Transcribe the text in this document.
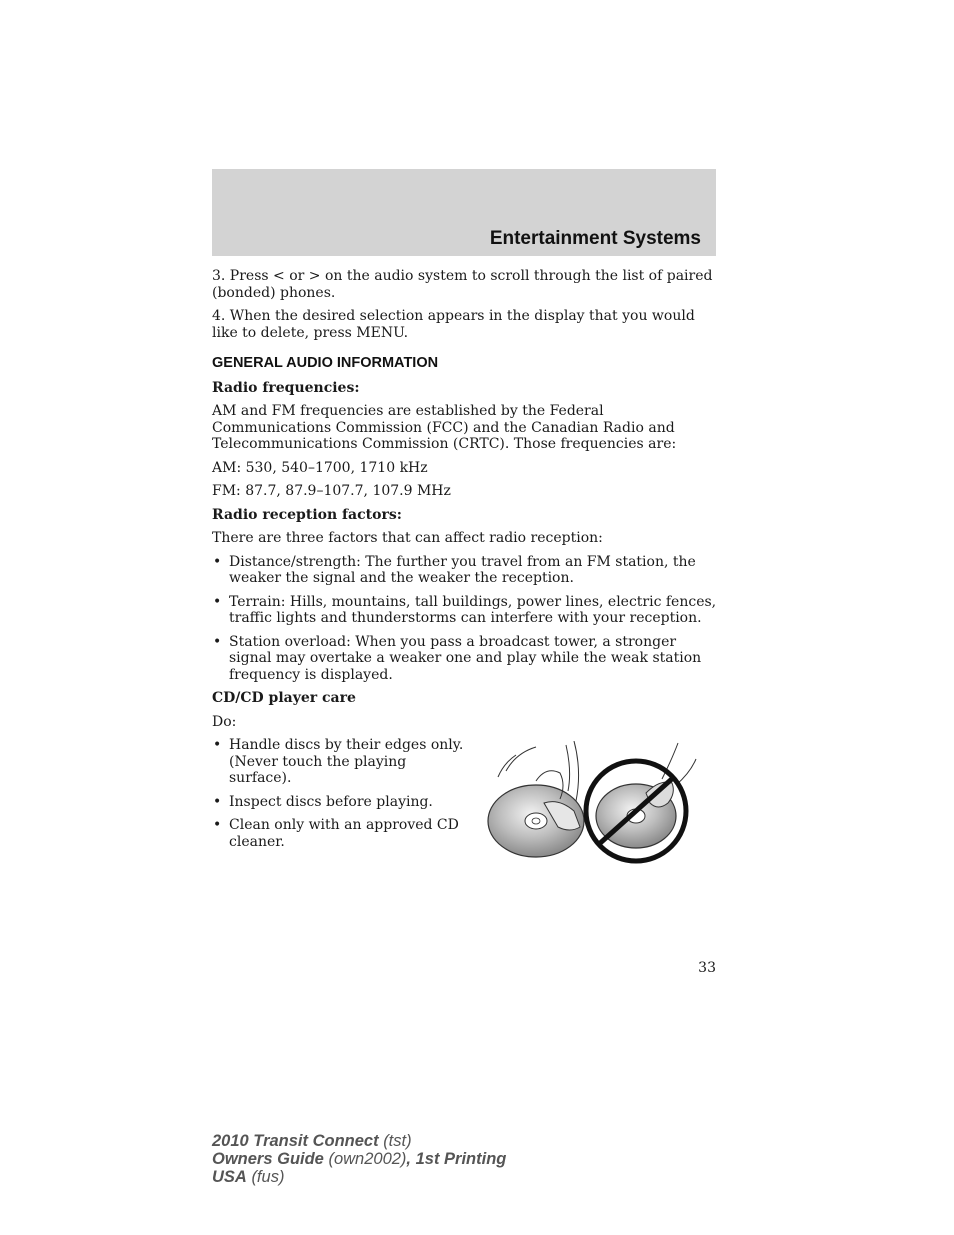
Entertainment Systems

3. Press < or > on the audio system to scroll through the list of paired (bonded) phones.

4. When the desired selection appears in the display that you would like to delete, press MENU.

GENERAL AUDIO INFORMATION

Radio frequencies:

AM and FM frequencies are established by the Federal Communications Commission (FCC) and the Canadian Radio and Telecommunications Commission (CRTC). Those frequencies are:

AM: 530, 540–1700, 1710 kHz

FM: 87.7, 87.9–107.7, 107.9 MHz

Radio reception factors:

There are three factors that can affect radio reception:

• Distance/strength: The further you travel from an FM station, the weaker the signal and the weaker the reception.
• Terrain: Hills, mountains, tall buildings, power lines, electric fences, traffic lights and thunderstorms can interfere with your reception.
• Station overload: When you pass a broadcast tower, a stronger signal may overtake a weaker one and play while the weak station frequency is displayed.

CD/CD player care

Do:

• Handle discs by their edges only. (Never touch the playing surface).
• Inspect discs before playing.
• Clean only with an approved CD cleaner.
33
2010 Transit Connect (tst)
Owners Guide (own2002), 1st Printing
USA (fus)
